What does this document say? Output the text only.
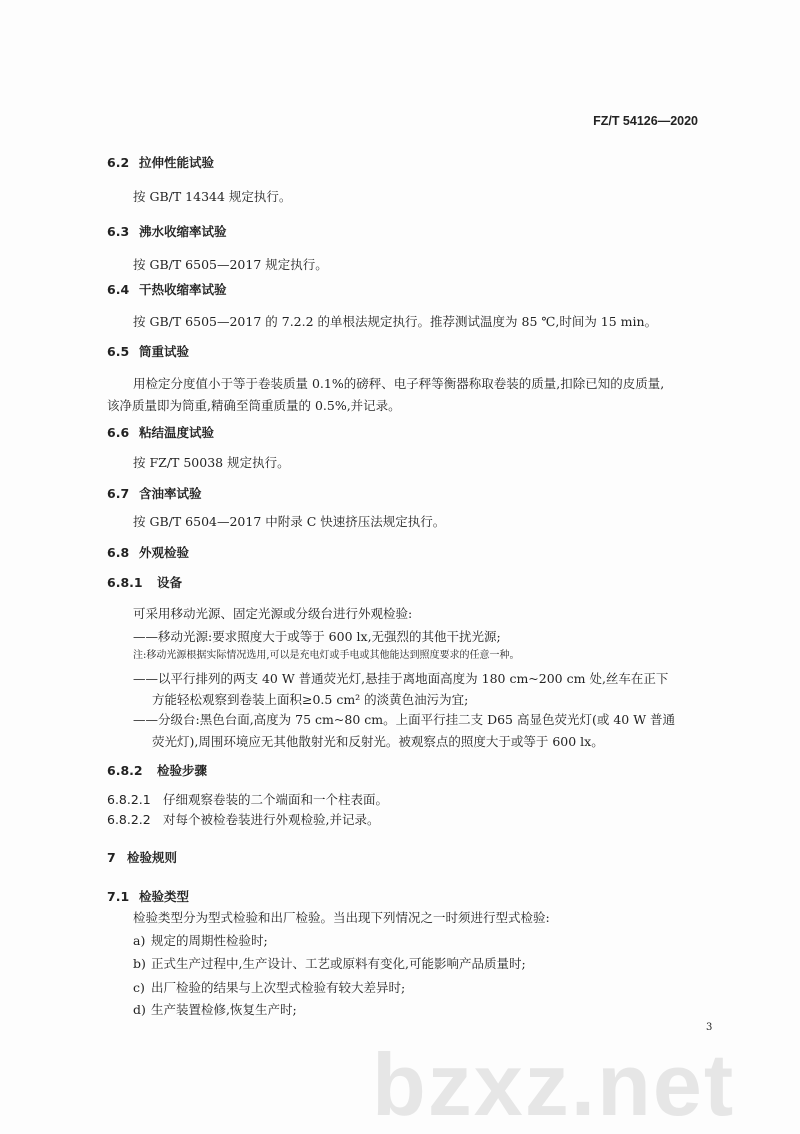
FZ/T 54126—2020
6.2 拉伸性能试验
按 GB/T 14344 规定执行。
6.3 沸水收缩率试验
按 GB/T 6505—2017 规定执行。
6.4 干热收缩率试验
按 GB/T 6505—2017 的 7.2.2 的单根法规定执行。推荐测试温度为 85 ℃,时间为 15 min。
6.5 筒重试验
用检定分度值小于等于卷装质量 0.1%的磅秤、电子秤等衡器称取卷装的质量,扣除已知的皮质量,
该净质量即为筒重,精确至筒重质量的 0.5%,并记录。
6.6 粘结温度试验
按 FZ/T 50038 规定执行。
6.7 含油率试验
按 GB/T 6504—2017 中附录 C 快速挤压法规定执行。
6.8 外观检验
6.8.1 设备
可采用移动光源、固定光源或分级台进行外观检验:
——移动光源:要求照度大于或等于 600 lx,无强烈的其他干扰光源;
注:移动光源根据实际情况选用,可以是充电灯或手电或其他能达到照度要求的任意一种。
——以平行排列的两支 40 W 普通荧光灯,悬挂于离地面高度为 180 cm~200 cm 处,丝车在正下
方能轻松观察到卷装上面积≥0.5 cm² 的淡黄色油污为宜;
——分级台:黑色台面,高度为 75 cm~80 cm。上面平行挂二支 D65 高显色荧光灯(或 40 W 普通
荧光灯),周围环境应无其他散射光和反射光。被观察点的照度大于或等于 600 lx。
6.8.2 检验步骤
6.8.2.1 仔细观察卷装的二个端面和一个柱表面。
6.8.2.2 对每个被检卷装进行外观检验,并记录。
7 检验规则
7.1 检验类型
检验类型分为型式检验和出厂检验。当出现下列情况之一时须进行型式检验:
a) 规定的周期性检验时;
b) 正式生产过程中,生产设计、工艺或原料有变化,可能影响产品质量时;
c) 出厂检验的结果与上次型式检验有较大差异时;
d) 生产装置检修,恢复生产时;
3
bzxz.net
